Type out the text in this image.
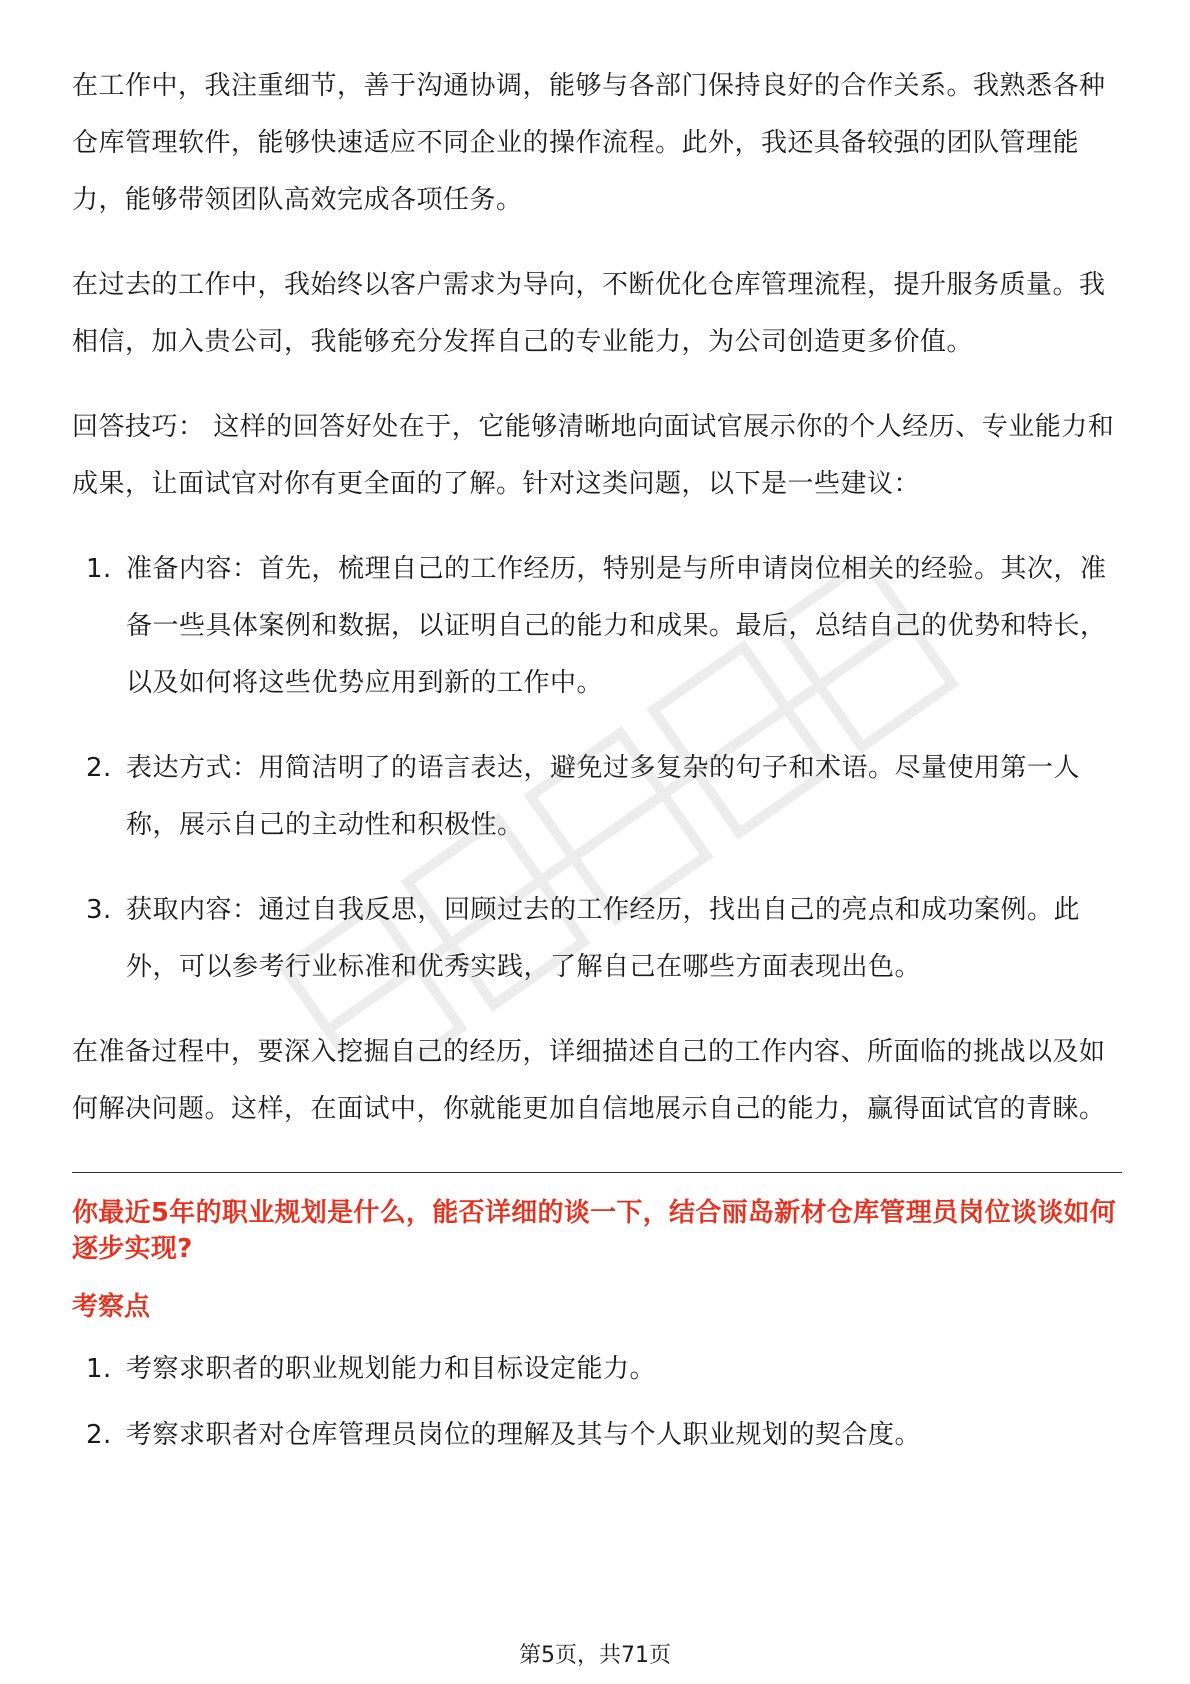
在工作中，我注重细节，善于沟通协调，能够与各部门保持良好的合作关系。我熟悉各种仓库管理软件，能够快速适应不同企业的操作流程。此外，我还具备较强的团队管理能力，能够带领团队高效完成各项任务。

在过去的工作中，我始终以客户需求为导向，不断优化仓库管理流程，提升服务质量。我相信，加入贵公司，我能够充分发挥自己的专业能力，为公司创造更多价值。

回答技巧： 这样的回答好处在于，它能够清晰地向面试官展示你的个人经历、专业能力和成果，让面试官对你有更全面的了解。针对这类问题，以下是一些建议：

1. 准备内容：首先，梳理自己的工作经历，特别是与所申请岗位相关的经验。其次，准备一些具体案例和数据，以证明自己的能力和成果。最后，总结自己的优势和特长，以及如何将这些优势应用到新的工作中。
2. 表达方式：用简洁明了的语言表达，避免过多复杂的句子和术语。尽量使用第一人称，展示自己的主动性和积极性。
3. 获取内容：通过自我反思，回顾过去的工作经历，找出自己的亮点和成功案例。此外，可以参考行业标准和优秀实践，了解自己在哪些方面表现出色。

在准备过程中，要深入挖掘自己的经历，详细描述自己的工作内容、所面临的挑战以及如何解决问题。这样，在面试中，你就能更加自信地展示自己的能力，赢得面试官的青睐。

你最近5年的职业规划是什么，能否详细的谈一下，结合丽岛新材仓库管理员岗位谈谈如何逐步实现?
考察点
1. 考察求职者的职业规划能力和目标设定能力。
2. 考察求职者对仓库管理员岗位的理解及其与个人职业规划的契合度。
第5页，共71页
